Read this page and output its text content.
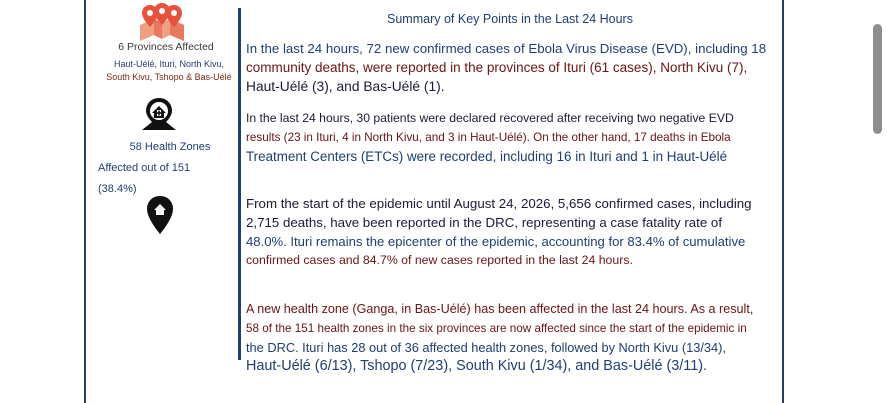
6 Provinces Affected
Haut-Uélé, Ituri, North Kivu,
South Kivu, Tshopo & Bas-Uélé
58 Health Zones
Affected out of 151
(38.4%)
Summary of Key Points in the Last 24 Hours
In the last 24 hours, 72 new confirmed cases of Ebola Virus Disease (EVD), including 18
community deaths, were reported in the provinces of Ituri (61 cases), North Kivu (7),
Haut-Uélé (3), and Bas-Uélé (1).
In the last 24 hours, 30 patients were declared recovered after receiving two negative EVD
results (23 in Ituri, 4 in North Kivu, and 3 in Haut-Uélé). On the other hand, 17 deaths in Ebola
Treatment Centers (ETCs) were recorded, including 16 in Ituri and 1 in Haut-Uélé
From the start of the epidemic until August 24, 2026, 5,656 confirmed cases, including
2,715 deaths, have been reported in the DRC, representing a case fatality rate of
48.0%. Ituri remains the epicenter of the epidemic, accounting for 83.4% of cumulative
confirmed cases and 84.7% of new cases reported in the last 24 hours.
A new health zone (Ganga, in Bas-Uélé) has been affected in the last 24 hours. As a result,
58 of the 151 health zones in the six provinces are now affected since the start of the epidemic in
the DRC. Ituri has 28 out of 36 affected health zones, followed by North Kivu (13/34),
Haut-Uélé (6/13), Tshopo (7/23), South Kivu (1/34), and Bas-Uélé (3/11).
